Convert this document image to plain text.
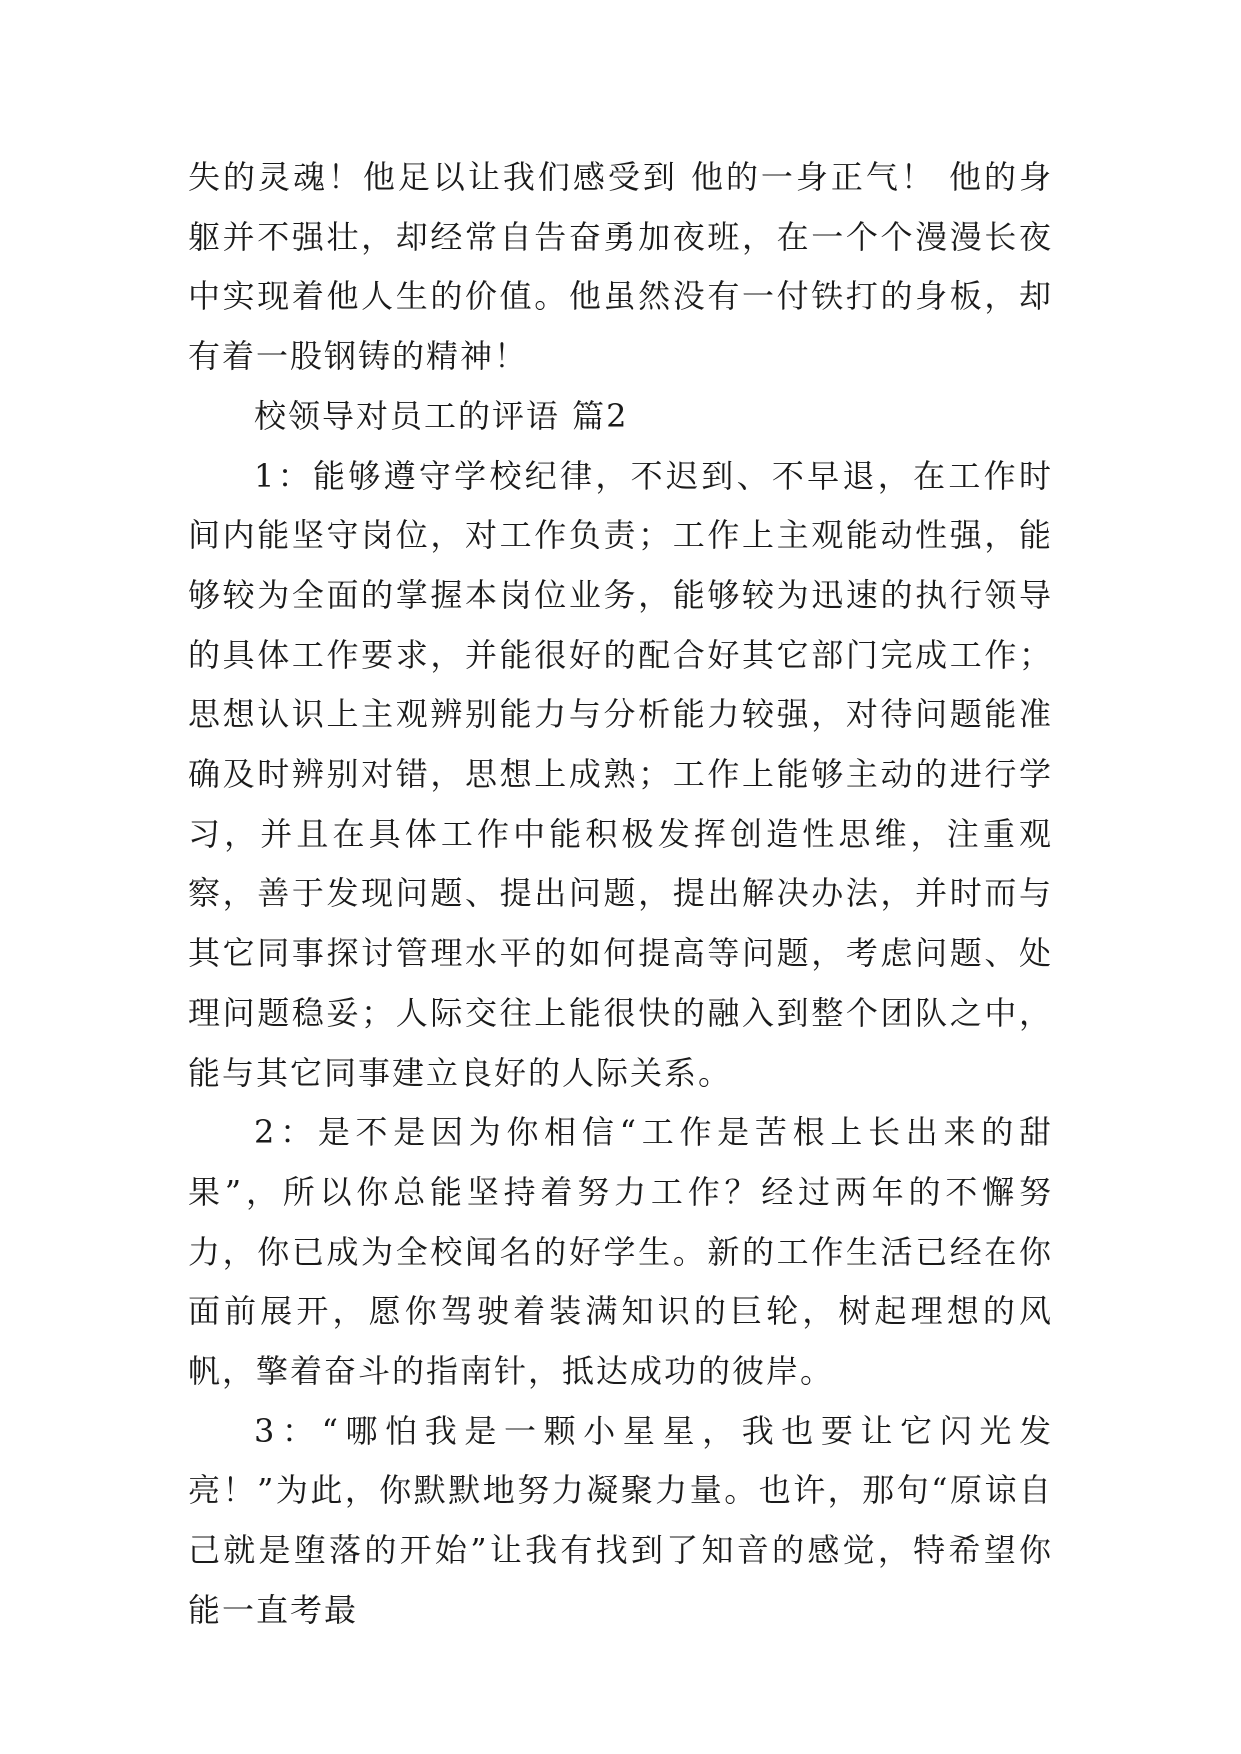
失的灵魂！他足以让我们感受到 他的一身正气！ 他的身躯并不强壮，却经常自告奋勇加夜班，在一个个漫漫长夜中实现着他人生的价值。他虽然没有一付铁打的身板，却有着一股钢铸的精神！

校领导对员工的评语 篇2

1：能够遵守学校纪律，不迟到、不早退，在工作时间内能坚守岗位，对工作负责；工作上主观能动性强，能够较为全面的掌握本岗位业务，能够较为迅速的执行领导的具体工作要求，并能很好的配合好其它部门完成工作；思想认识上主观辨别能力与分析能力较强，对待问题能准确及时辨别对错，思想上成熟；工作上能够主动的进行学习，并且在具体工作中能积极发挥创造性思维，注重观察，善于发现问题、提出问题，提出解决办法，并时而与其它同事探讨管理水平的如何提高等问题，考虑问题、处理问题稳妥；人际交往上能很快的融入到整个团队之中，能与其它同事建立良好的人际关系。

2：是不是因为你相信“工作是苦根上长出来的甜果”，所以你总能坚持着努力工作？经过两年的不懈努力，你已成为全校闻名的好学生。新的工作生活已经在你面前展开，愿你驾驶着装满知识的巨轮，树起理想的风帆，擎着奋斗的指南针，抵达成功的彼岸。

3：“哪怕我是一颗小星星，我也要让它闪光发亮！”为此，你默默地努力凝聚力量。也许，那句“原谅自己就是堕落的开始”让我有找到了知音的感觉，特希望你能一直考最
